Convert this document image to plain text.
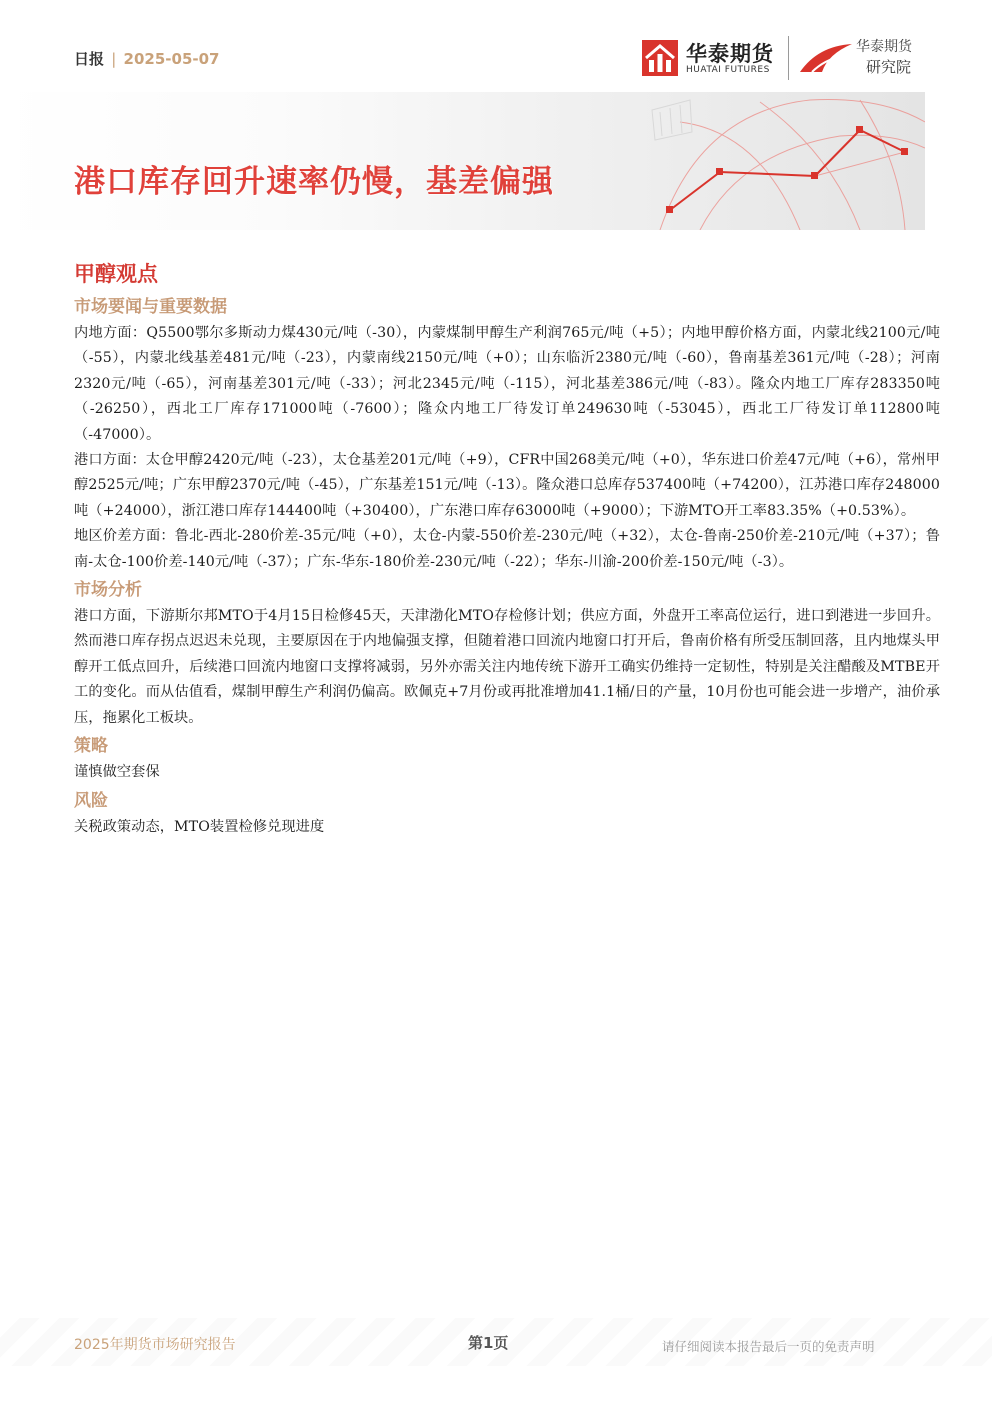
日报 | 2025-05-07	华泰期货
HUATAI FUTURES
华泰期货
研究院
港口库存回升速率仍慢，基差偏强
甲醇观点
市场要闻与重要数据

内地方面：Q5500鄂尔多斯动力煤430元/吨（-30），内蒙煤制甲醇生产利润765元/吨（+5）；内地甲醇价格方面，内蒙北线2100元/吨（-55），内蒙北线基差481元/吨（-23），内蒙南线2150元/吨（+0）；山东临沂2380元/吨（-60），鲁南基差361元/吨（-28）；河南2320元/吨（-65），河南基差301元/吨（-33）；河北2345元/吨（-115），河北基差386元/吨（-83）。隆众内地工厂库存283350吨（-26250），西北工厂库存171000吨（-7600）；隆众内地工厂待发订单249630吨（-53045），西北工厂待发订单112800吨（-47000）。

港口方面：太仓甲醇2420元/吨（-23），太仓基差201元/吨（+9），CFR中国268美元/吨（+0），华东进口价差47元/吨（+6），常州甲醇2525元/吨；广东甲醇2370元/吨（-45），广东基差151元/吨（-13）。隆众港口总库存537400吨（+74200），江苏港口库存248000吨（+24000），浙江港口库存144400吨（+30400），广东港口库存63000吨（+9000）；下游MTO开工率83.35%（+0.53%）。

地区价差方面：鲁北-西北-280价差-35元/吨（+0），太仓-内蒙-550价差-230元/吨（+32），太仓-鲁南-250价差-210元/吨（+37）；鲁南-太仓-100价差-140元/吨（-37）；广东-华东-180价差-230元/吨（-22）；华东-川渝-200价差-150元/吨（-3）。

市场分析

港口方面，下游斯尔邦MTO于4月15日检修45天，天津渤化MTO存检修计划；供应方面，外盘开工率高位运行，进口到港进一步回升。然而港口库存拐点迟迟未兑现，主要原因在于内地偏强支撑，但随着港口回流内地窗口打开后，鲁南价格有所受压制回落，且内地煤头甲醇开工低点回升，后续港口回流内地窗口支撑将减弱，另外亦需关注内地传统下游开工确实仍维持一定韧性，特别是关注醋酸及MTBE开工的变化。而从估值看，煤制甲醇生产利润仍偏高。欧佩克+7月份或再批准增加41.1桶/日的产量，10月份也可能会进一步增产，油价承压，拖累化工板块。

策略

谨慎做空套保

风险

关税政策动态，MTO装置检修兑现进度

2025年期货市场研究报告	第1页	请仔细阅读本报告最后一页的免责声明
